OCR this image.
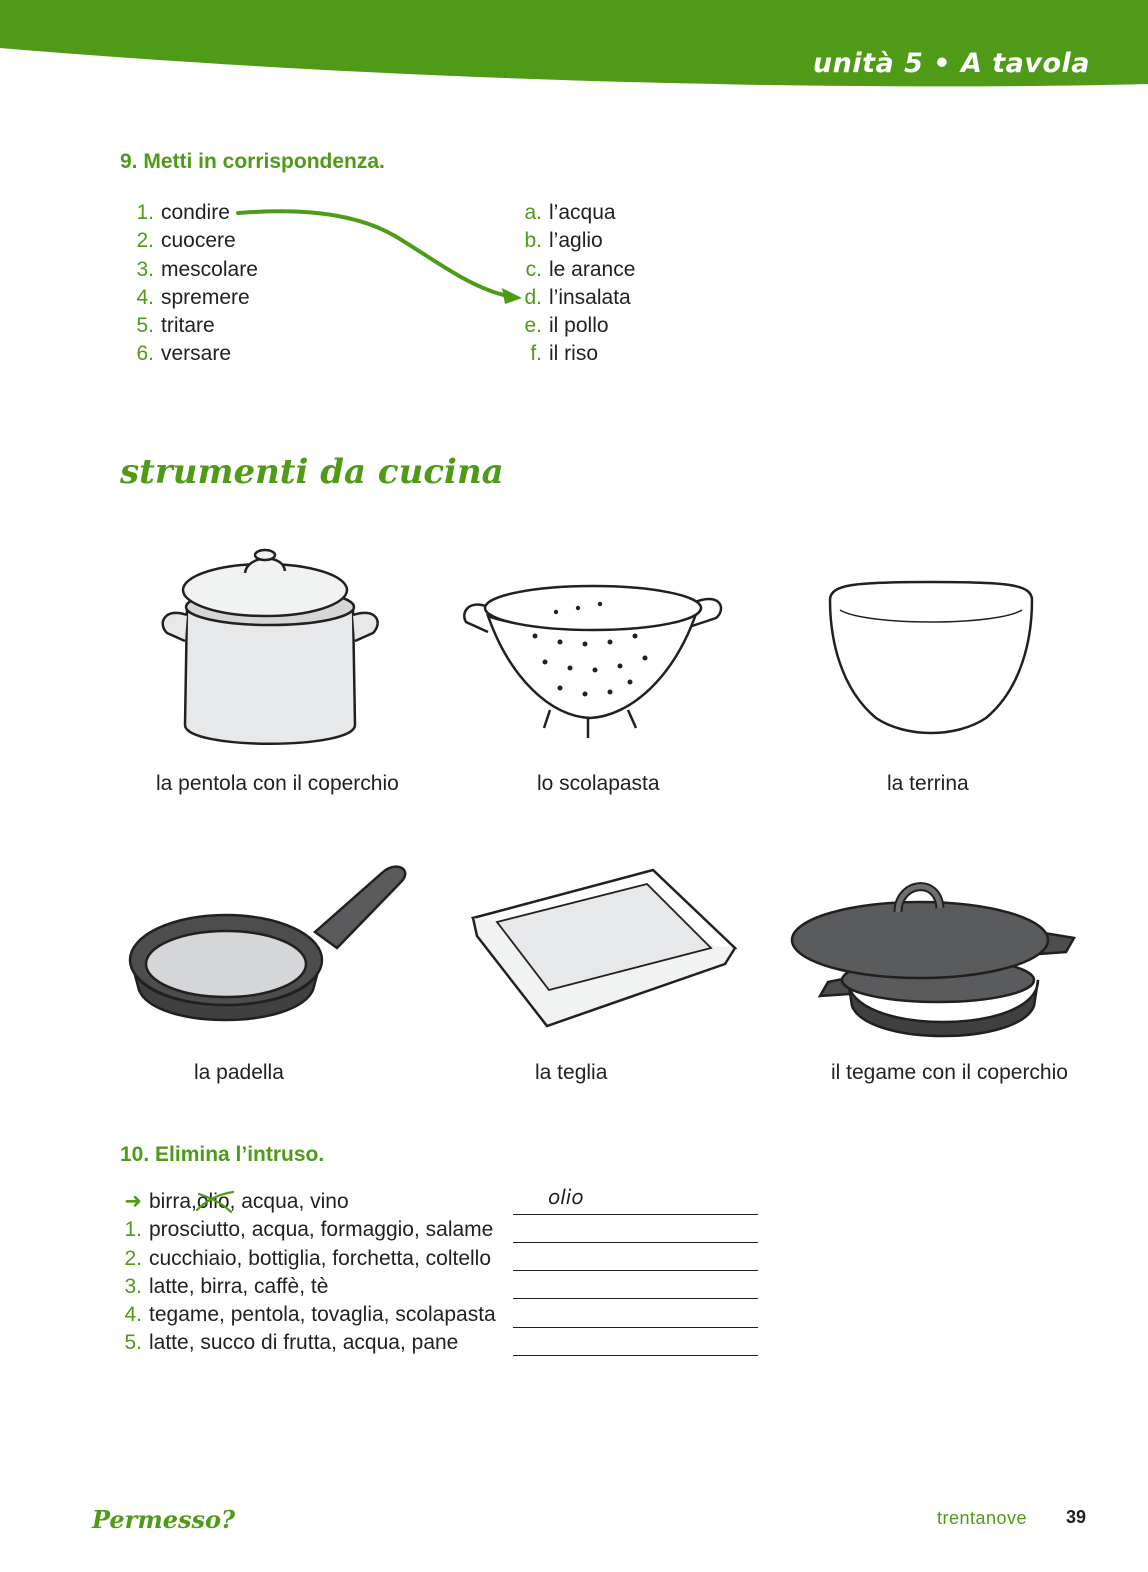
unità 5 • A tavola
9. Metti in corrispondenza.
1. condire
2. cuocere
3. mescolare
4. spremere
5. tritare
6. versare
a. l’acqua
b. l’aglio
c. le arance
d. l’insalata
e. il pollo
f. il riso
strumenti da cucina
la pentola con il coperchio	lo scolapasta	la terrina
la padella	la teglia	il tegame con il coperchio
10. Elimina l’intruso.
➜ birra, olio , acqua, vino
1. prosciutto, acqua, formaggio, salame
2. cucchiaio, bottiglia, forchetta, coltello
3. latte, birra, caffè, tè
4. tegame, pentola, tovaglia, scolapasta
5. latte, succo di frutta, acqua, pane
olio
Permesso?	trentanove 39
